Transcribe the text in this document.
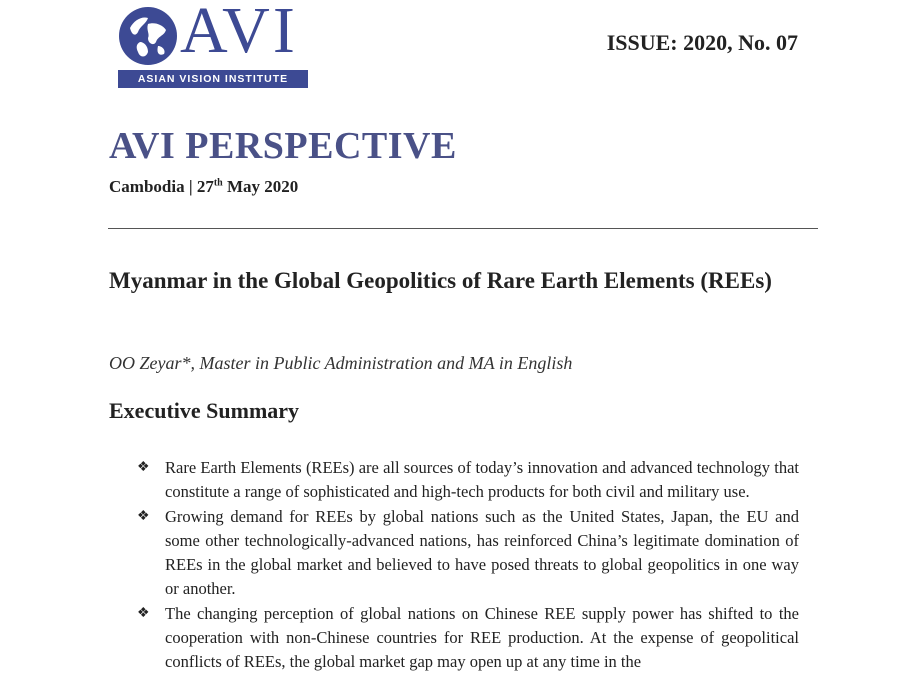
AVI
ASIAN VISION INSTITUTE
ISSUE: 2020, No. 07
AVI PERSPECTIVE
Cambodia | 27th May 2020
Myanmar in the Global Geopolitics of Rare Earth Elements (REEs)
OO Zeyar*, Master in Public Administration and MA in English
Executive Summary
❖ Rare Earth Elements (REEs) are all sources of today’s innovation and advanced technology that constitute a range of sophisticated and high-tech products for both civil and military use.
❖ Growing demand for REEs by global nations such as the United States, Japan, the EU and some other technologically-advanced nations, has reinforced China’s legitimate domination of REEs in the global market and believed to have posed threats to global geopolitics in one way or another.
❖ The changing perception of global nations on Chinese REE supply power has shifted to the cooperation with non-Chinese countries for REE production. At the expense of geopolitical conflicts of REEs, the global market gap may open up at any time in the
